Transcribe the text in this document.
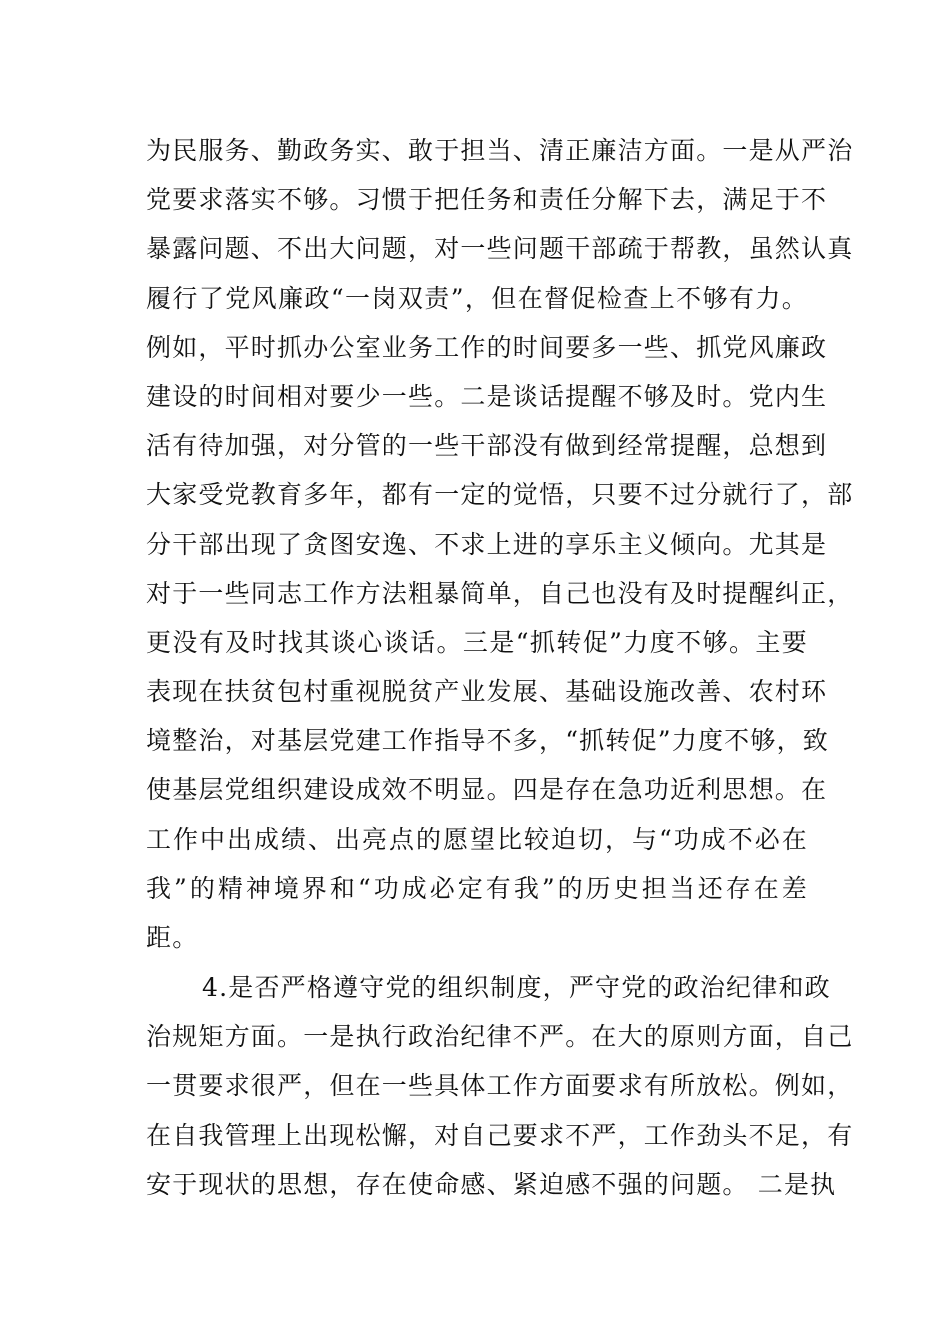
为民服务、勤政务实、敢于担当、清正廉洁方面。一是从严治
党要求落实不够。习惯于把任务和责任分解下去，满足于不
暴露问题、不出大问题，对一些问题干部疏于帮教，虽然认真
履行了党风廉政“一岗双责”，但在督促检查上不够有力。
例如，平时抓办公室业务工作的时间要多一些、抓党风廉政
建设的时间相对要少一些。二是谈话提醒不够及时。党内生
活有待加强，对分管的一些干部没有做到经常提醒，总想到
大家受党教育多年，都有一定的觉悟，只要不过分就行了，部
分干部出现了贪图安逸、不求上进的享乐主义倾向。尤其是
对于一些同志工作方法粗暴简单，自己也没有及时提醒纠正，
更没有及时找其谈心谈话。三是“抓转促”力度不够。主要
表现在扶贫包村重视脱贫产业发展、基础设施改善、农村环
境整治，对基层党建工作指导不多，“抓转促”力度不够，致
使基层党组织建设成效不明显。四是存在急功近利思想。在
工作中出成绩、出亮点的愿望比较迫切，与“功成不必在
我”的精神境界和“功成必定有我”的历史担当还存在差
距。
4.是否严格遵守党的组织制度，严守党的政治纪律和政
治规矩方面。一是执行政治纪律不严。在大的原则方面，自己
一贯要求很严，但在一些具体工作方面要求有所放松。例如，
在自我管理上出现松懈，对自己要求不严，工作劲头不足，有
安于现状的思想，存在使命感、紧迫感不强的问题。 二是执
